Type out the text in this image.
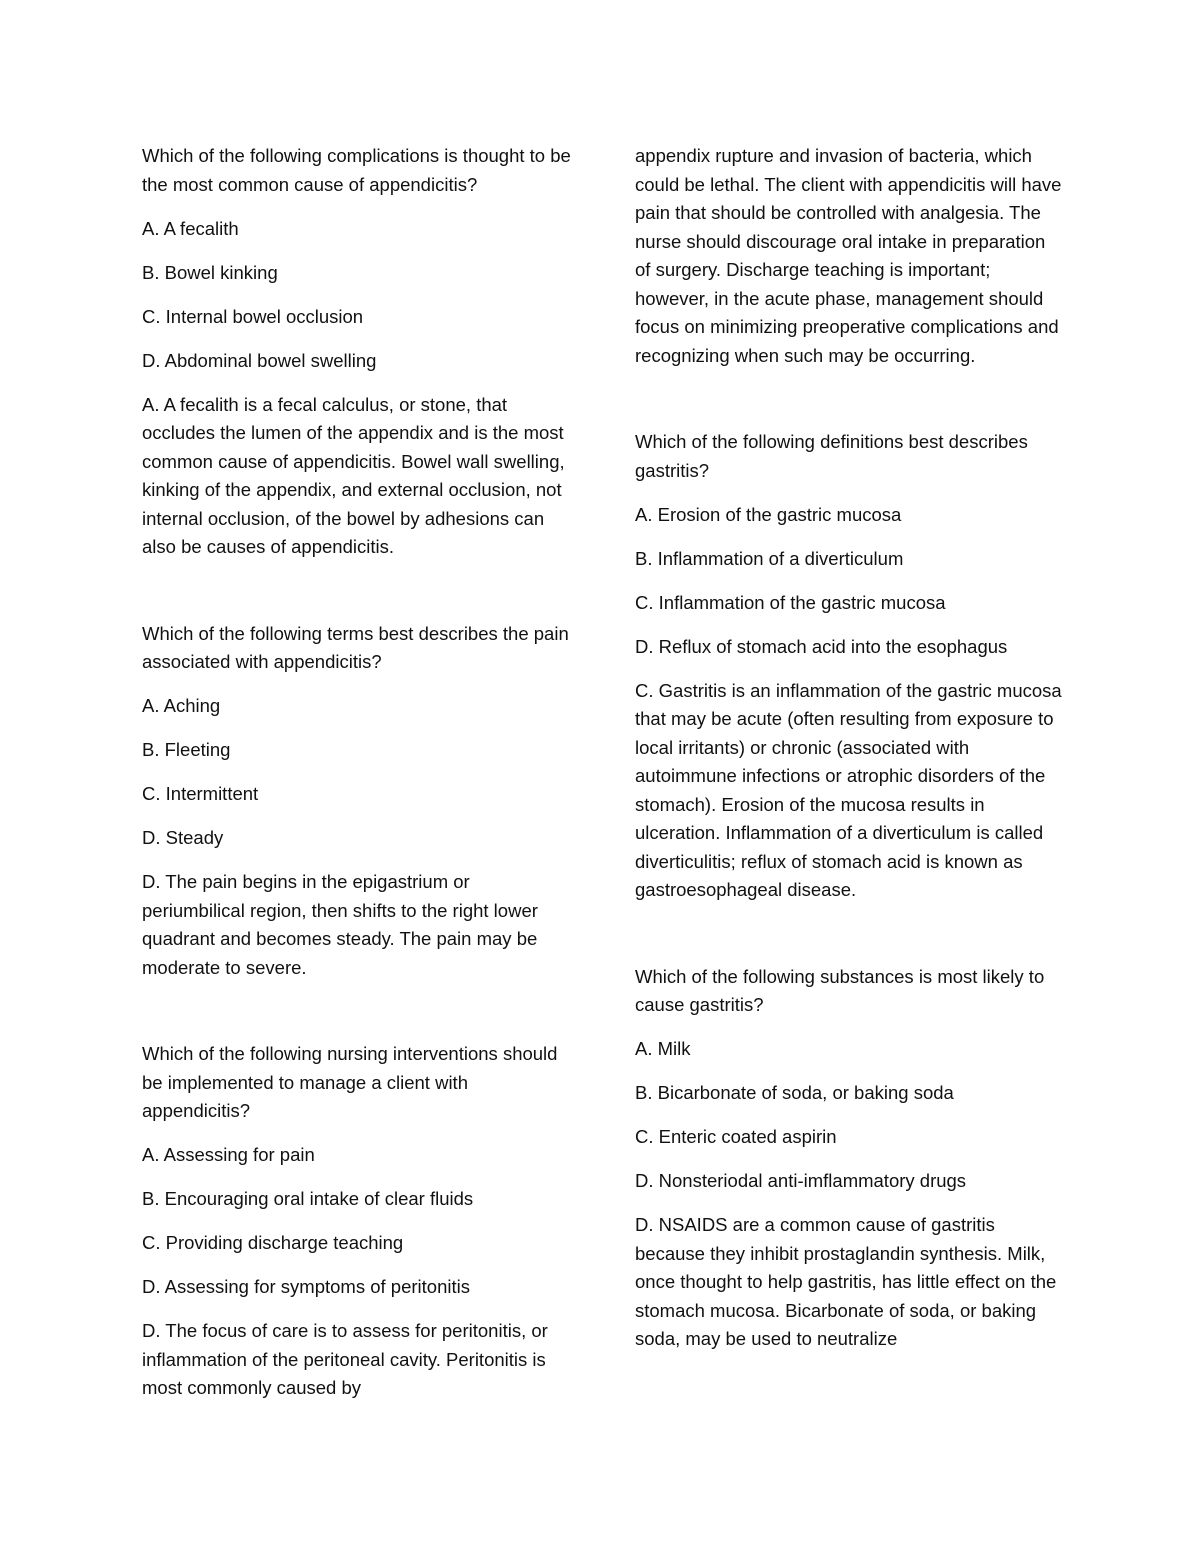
Which of the following complications is thought to be the most common cause of appendicitis?

A. A fecalith

B. Bowel kinking

C. Internal bowel occlusion

D. Abdominal bowel swelling

A. A fecalith is a fecal calculus, or stone, that occludes the lumen of the appendix and is the most common cause of appendicitis. Bowel wall swelling, kinking of the appendix, and external occlusion, not internal occlusion, of the bowel by adhesions can also be causes of appendicitis.

Which of the following terms best describes the pain associated with appendicitis?

A. Aching

B. Fleeting

C. Intermittent

D. Steady

D. The pain begins in the epigastrium or periumbilical region, then shifts to the right lower quadrant and becomes steady. The pain may be moderate to severe.

Which of the following nursing interventions should be implemented to manage a client with appendicitis?

A. Assessing for pain

B. Encouraging oral intake of clear fluids

C. Providing discharge teaching

D. Assessing for symptoms of peritonitis

D. The focus of care is to assess for peritonitis, or inflammation of the peritoneal cavity. Peritonitis is most commonly caused by

appendix rupture and invasion of bacteria, which could be lethal. The client with appendicitis will have pain that should be controlled with analgesia. The nurse should discourage oral intake in preparation of surgery. Discharge teaching is important; however, in the acute phase, management should focus on minimizing preoperative complications and recognizing when such may be occurring.

Which of the following definitions best describes gastritis?

A. Erosion of the gastric mucosa

B. Inflammation of a diverticulum

C. Inflammation of the gastric mucosa

D. Reflux of stomach acid into the esophagus

C. Gastritis is an inflammation of the gastric mucosa that may be acute (often resulting from exposure to local irritants) or chronic (associated with autoimmune infections or atrophic disorders of the stomach). Erosion of the mucosa results in ulceration. Inflammation of a diverticulum is called diverticulitis; reflux of stomach acid is known as gastroesophageal disease.

Which of the following substances is most likely to cause gastritis?

A. Milk

B. Bicarbonate of soda, or baking soda

C. Enteric coated aspirin

D. Nonsteriodal anti-imflammatory drugs

D. NSAIDS are a common cause of gastritis because they inhibit prostaglandin synthesis. Milk, once thought to help gastritis, has little effect on the stomach mucosa. Bicarbonate of soda, or baking soda, may be used to neutralize
